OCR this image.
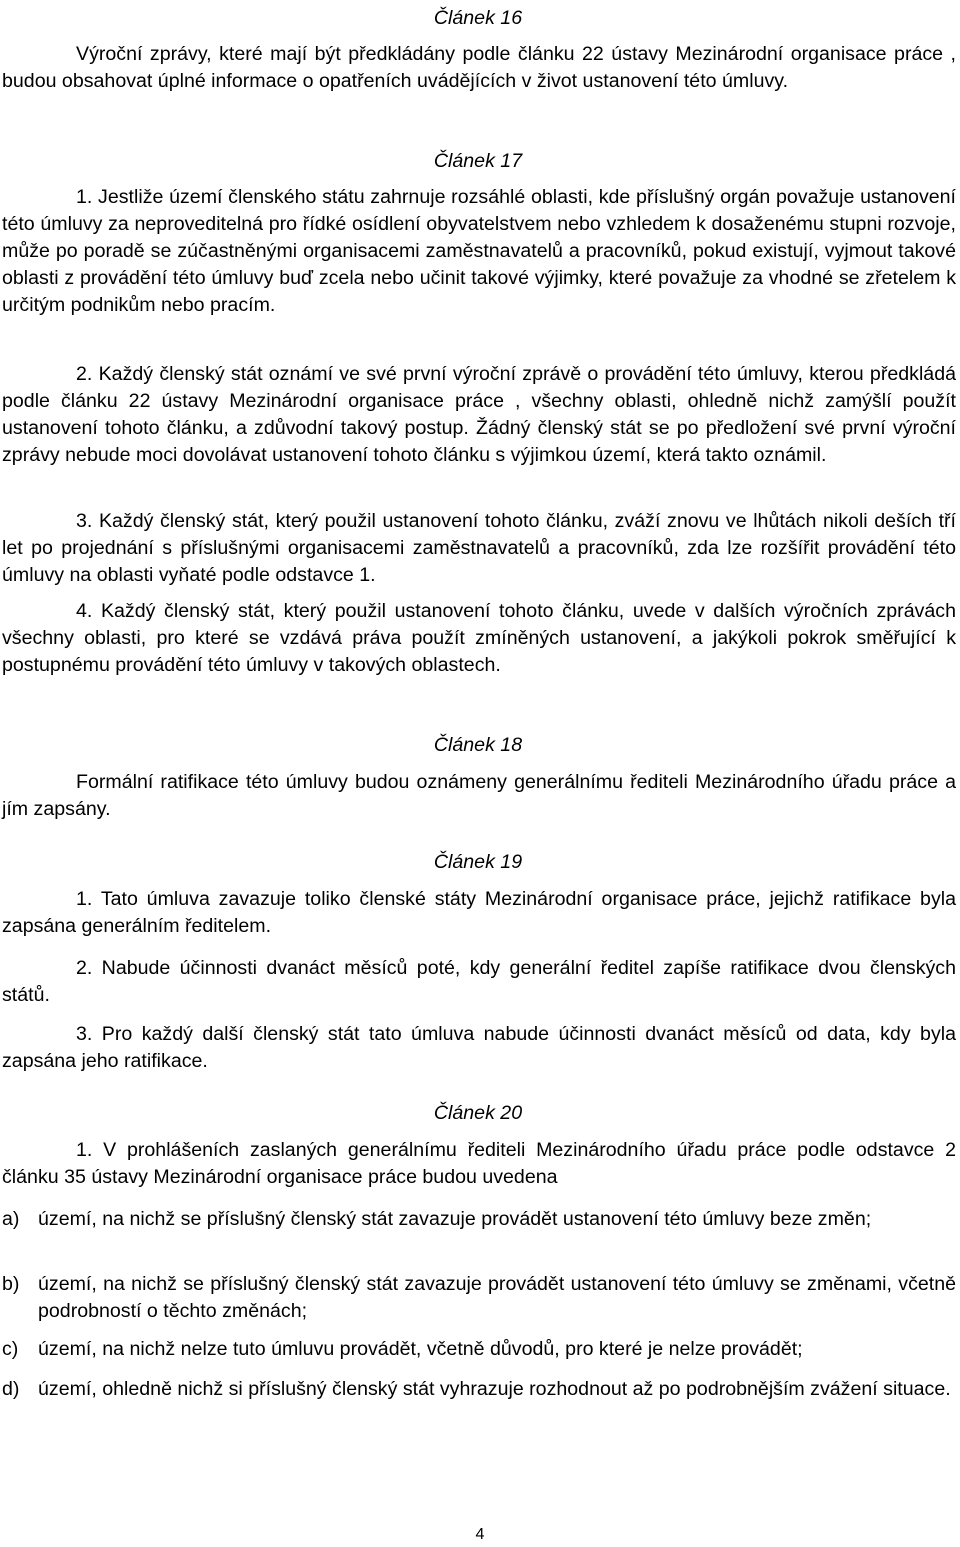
Článek 16

Výroční zprávy, které mají být předkládány podle článku 22 ústavy Mezinárodní organisace práce , budou obsahovat úplné informace o opatřeních uvádějících v život ustanovení této úmluvy.

Článek 17

1. Jestliže území členského státu zahrnuje rozsáhlé oblasti, kde příslušný orgán považuje ustanovení této úmluvy za neproveditelná pro řídké osídlení obyvatelstvem nebo vzhledem k dosaženému stupni rozvoje, může po poradě se zúčastněnými organisacemi zaměstnavatelů a pracovníků, pokud existují, vyjmout takové oblasti z provádění této úmluvy buď zcela nebo učinit takové výjimky, které považuje za vhodné se zřetelem k určitým podnikům nebo pracím.

2. Každý členský stát oznámí ve své první výroční zprávě o provádění této úmluvy, kterou předkládá podle článku 22 ústavy Mezinárodní organisace práce , všechny oblasti, ohledně nichž zamýšlí použít ustanovení tohoto článku, a zdůvodní takový postup. Žádný členský stát se po předložení své první výroční zprávy nebude moci dovolávat ustanovení tohoto článku s výjimkou území, která takto oznámil.

3. Každý členský stát, který použil ustanovení tohoto článku, zváží znovu ve lhůtách nikoli deších tří let po projednání s příslušnými organisacemi zaměstnavatelů a pracovníků, zda lze rozšířit provádění této úmluvy na oblasti vyňaté podle odstavce 1.

4. Každý členský stát, který použil ustanovení tohoto článku, uvede v dalších výročních zprávách všechny oblasti, pro které se vzdává práva použít zmíněných ustanovení, a jakýkoli pokrok směřující k postupnému provádění této úmluvy v takových oblastech.

Článek 18

Formální ratifikace této úmluvy budou oznámeny generálnímu řediteli Mezinárodního úřadu práce a jím zapsány.

Článek 19

1. Tato úmluva zavazuje toliko členské státy Mezinárodní organisace práce, jejichž ratifikace byla zapsána generálním ředitelem.

2. Nabude účinnosti dvanáct měsíců poté, kdy generální ředitel zapíše ratifikace dvou členských států.

3. Pro každý další členský stát tato úmluva nabude účinnosti dvanáct měsíců od data, kdy byla zapsána jeho ratifikace.

Článek 20

1. V prohlášeních zaslaných generálnímu řediteli Mezinárodního úřadu práce podle odstavce 2 článku 35 ústavy Mezinárodní organisace práce budou uvedena

a) území, na nichž se příslušný členský stát zavazuje provádět ustanovení této úmluvy beze změn;
b) území, na nichž se příslušný členský stát zavazuje provádět ustanovení této úmluvy se změnami, včetně podrobností o těchto změnách;
c)	území, na nichž nelze tuto úmluvu provádět, včetně důvodů, pro které je nelze provádět;
d) území, ohledně nichž si příslušný členský stát vyhrazuje rozhodnout až po podrobnějším zvážení situace.
4
